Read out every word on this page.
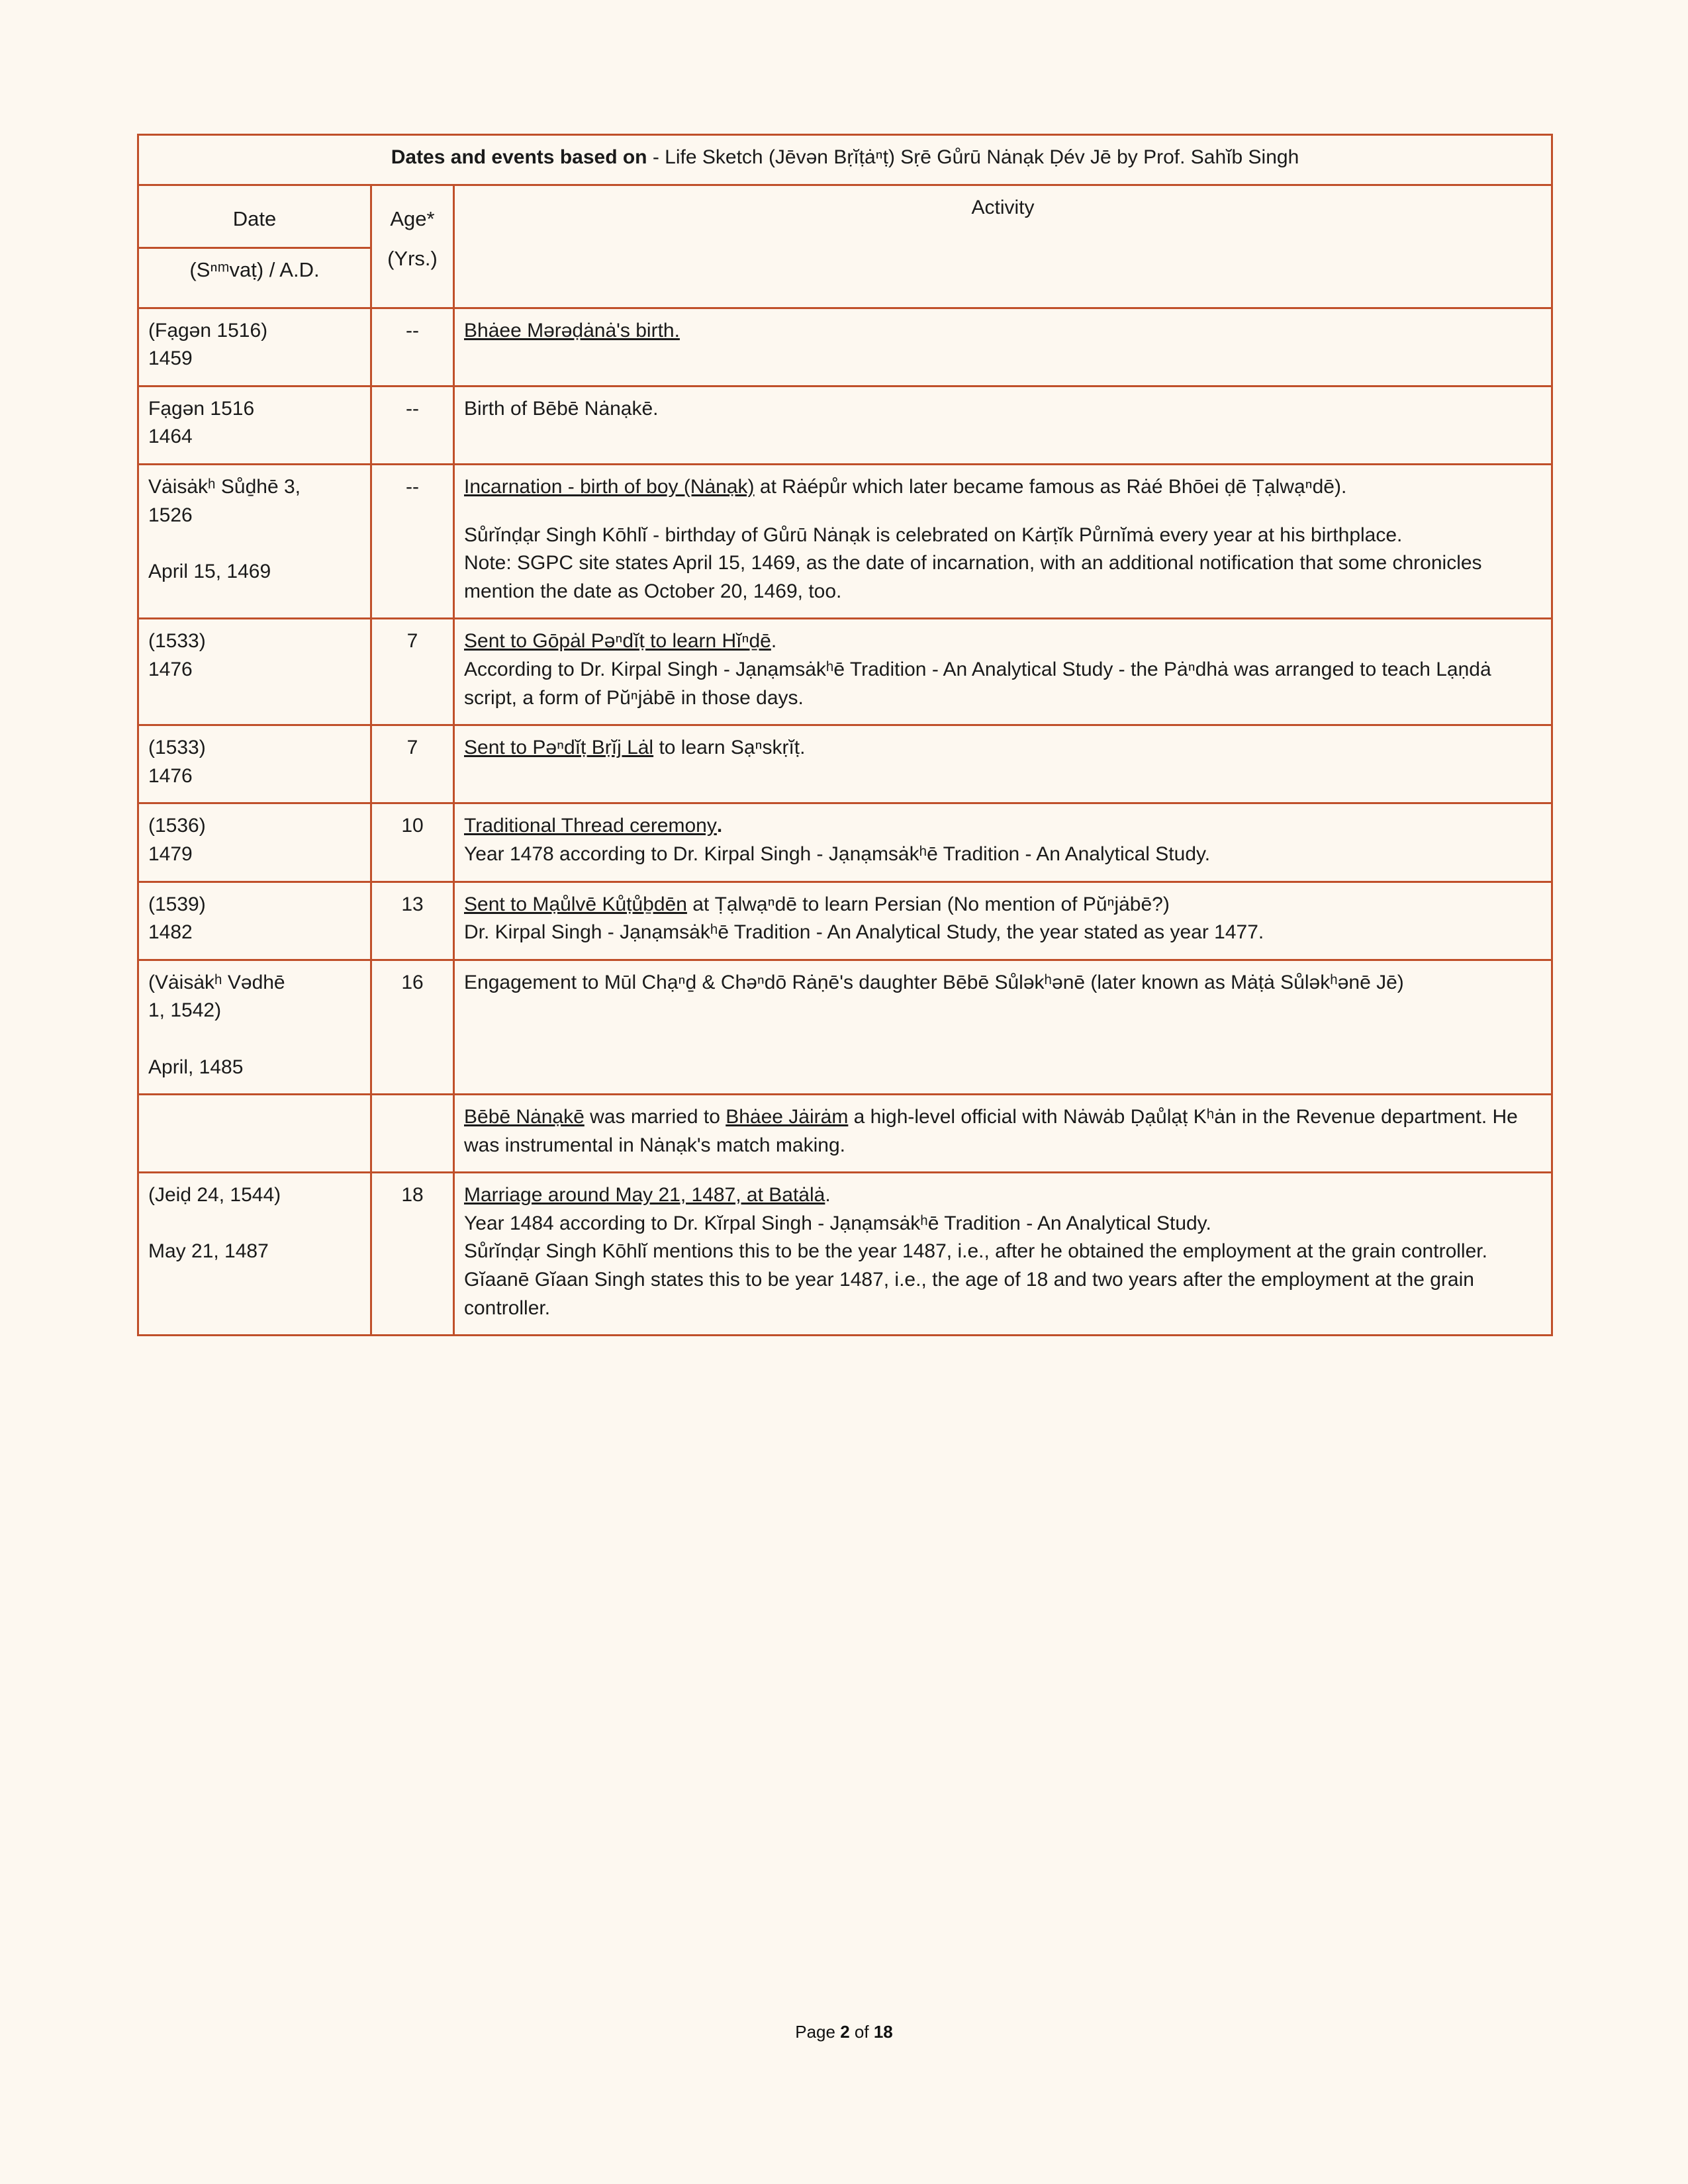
Dates and events based on - Life Sketch (Jēvən Bṛĭṭȧⁿṭ) Sṛē Gůrū Nȧnạk Ḍév Jē by Prof. Sahĭb Singh		

Date
(Sⁿᵐvaṭ) / A.D.

Age*
(Yrs.)
	Activity

(Fạgən 1516)
1459	--	Bhȧee Mərəḍȧnȧ's birth.

Fạgən 1516
1464	--	Birth of Bēbē Nȧnạkē.

Vȧisȧkʰ Sůḏhē 3,
1526

April 15, 1469
	--	Incarnation - birth of boy (Nȧnạk) at Rȧépůr which later became famous as Rȧé Bhōei ḍē Ṭạlwạⁿdē).
Sůrĭnḍạr Singh Kōhlĭ - birthday of Gůrū Nȧnạk is celebrated on Kȧrṭĭk Půrnĭmȧ every year at his birthplace.
Note: SGPC site states April 15, 1469, as the date of incarnation, with an additional notification that some chronicles mention the date as October 20, 1469, too.

(1533)
1476
	7	Sent to Gōpȧl Pəⁿdĭṭ to learn Hĭⁿḏē.
According to Dr. Kirpal Singh - Jạnạmsȧkʰē Tradition - An Analytical Study - the Pȧⁿdhȧ was arranged to teach Lạṇdȧ script, a form of Pŭⁿjȧbē in those days.

(1533)
1476	7	Sent to Pəⁿdĭṭ Bṛĭj Lȧl to learn Sạⁿskṛĭṭ.

(1536)
1479
	10	Traditional Thread ceremony.
Year 1478 according to Dr. Kirpal Singh - Jạnạmsȧkʰē Tradition - An Analytical Study.

(1539)
1482
	13	Sent to Mạůlvē Kůṭůḇdēn at Ṭạlwạⁿdē to learn Persian (No mention of Pŭⁿjȧbē?)
Dr. Kirpal Singh - Jạnạmsȧkʰē Tradition - An Analytical Study, the year stated as year 1477.

(Vȧisȧkʰ Vədhē
1, 1542)

April, 1485	16	Engagement to Mūl Chạⁿḏ & Chəⁿdō Rȧṇē's daughter Bēbē Sůləkʰənē (later known as Mȧṭȧ Sůləkʰənē Jē)

		Bēbē Nȧnạkē was married to Bhȧee Jȧirȧm a high-level official with Nȧwȧb Ḍạůlạṭ Kʰȧn in the Revenue department. He was instrumental in Nȧnạk's match making.

(Jeiḍ 24, 1544)

May 21, 1487
	18	Marriage around May 21, 1487, at Batȧlȧ.
Year 1484 according to Dr. Kĭrpal Singh - Jạnạmsȧkʰē Tradition - An Analytical Study.
Sůrĭnḍạr Singh Kōhlĭ mentions this to be the year 1487, i.e., after he obtained the employment at the grain controller.
Gĭaanē Gĭaan Singh states this to be year 1487, i.e., the age of 18 and two years after the employment at the grain controller.
Page 2 of 18
